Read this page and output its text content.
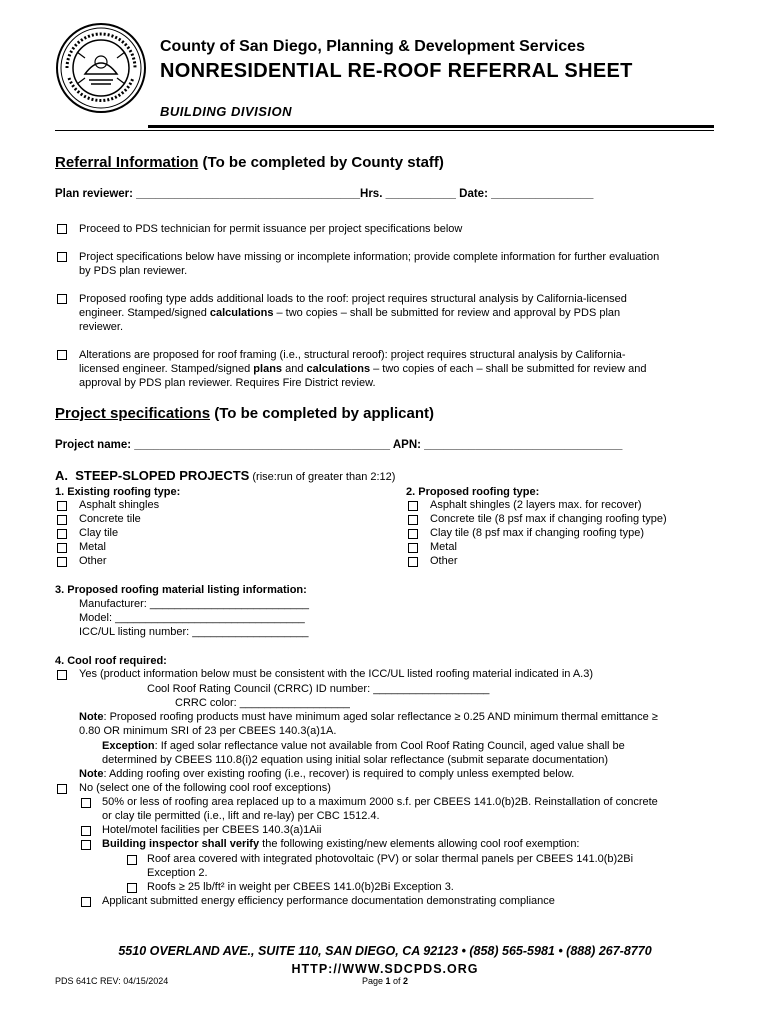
County of San Diego, Planning & Development Services
NONRESIDENTIAL RE-ROOF REFERRAL SHEET
BUILDING DIVISION
Referral Information (To be completed by County staff)
Plan reviewer: ___________________________________Hrs. ___________ Date: ________________
Proceed to PDS technician for permit issuance per project specifications below
Project specifications below have missing or incomplete information; provide complete information for further evaluation
by PDS plan reviewer.
Proposed roofing type adds additional loads to the roof: project requires structural analysis by California-licensed
engineer. Stamped/signed calculations – two copies – shall be submitted for review and approval by PDS plan
reviewer.
Alterations are proposed for roof framing (i.e., structural reroof): project requires structural analysis by California-
licensed engineer. Stamped/signed plans and calculations – two copies of each – shall be submitted for review and
approval by PDS plan reviewer. Requires Fire District review.
Project specifications (To be completed by applicant)
Project name: ________________________________________ APN: _______________________________
A. STEEP-SLOPED PROJECTS (rise:run of greater than 2:12)
1. Existing roofing type:
Asphalt shingles
Concrete tile
Clay tile
Metal
Other
2. Proposed roofing type:
Asphalt shingles (2 layers max. for recover)
Concrete tile (8 psf max if changing roofing type)
Clay tile (8 psf max if changing roofing type)
Metal
Other
3. Proposed roofing material listing information:
Manufacturer: __________________________
Model: _______________________________
ICC/UL listing number: ___________________
4. Cool roof required:
Yes (product information below must be consistent with the ICC/UL listed roofing material indicated in A.3)
Cool Roof Rating Council (CRRC) ID number: ___________________
CRRC color: __________________
Note: Proposed roofing products must have minimum aged solar reflectance ≥ 0.25 AND minimum thermal emittance ≥
0.80 OR minimum SRI of 23 per CBEES 140.3(a)1A.
Exception: If aged solar reflectance value not available from Cool Roof Rating Council, aged value shall be
determined by CBEES 110.8(i)2 equation using initial solar reflectance (submit separate documentation)
Note: Adding roofing over existing roofing (i.e., recover) is required to comply unless exempted below.
No (select one of the following cool roof exceptions)
50% or less of roofing area replaced up to a maximum 2000 s.f. per CBEES 141.0(b)2B. Reinstallation of concrete
or clay tile permitted (i.e., lift and re-lay) per CBC 1512.4.
Hotel/motel facilities per CBEES 140.3(a)1Aii
Building inspector shall verify the following existing/new elements allowing cool roof exemption:
Roof area covered with integrated photovoltaic (PV) or solar thermal panels per CBEES 141.0(b)2Bi
Exception 2.
Roofs ≥ 25 lb/ft² in weight per CBEES 141.0(b)2Bi Exception 3.
Applicant submitted energy efficiency performance documentation demonstrating compliance
5510 OVERLAND AVE., SUITE 110, SAN DIEGO, CA 92123 • (858) 565-5981 • (888) 267-8770
HTTP://WWW.SDCPDS.ORG
PDS 641C REV: 04/15/2024	Page 1 of 2
